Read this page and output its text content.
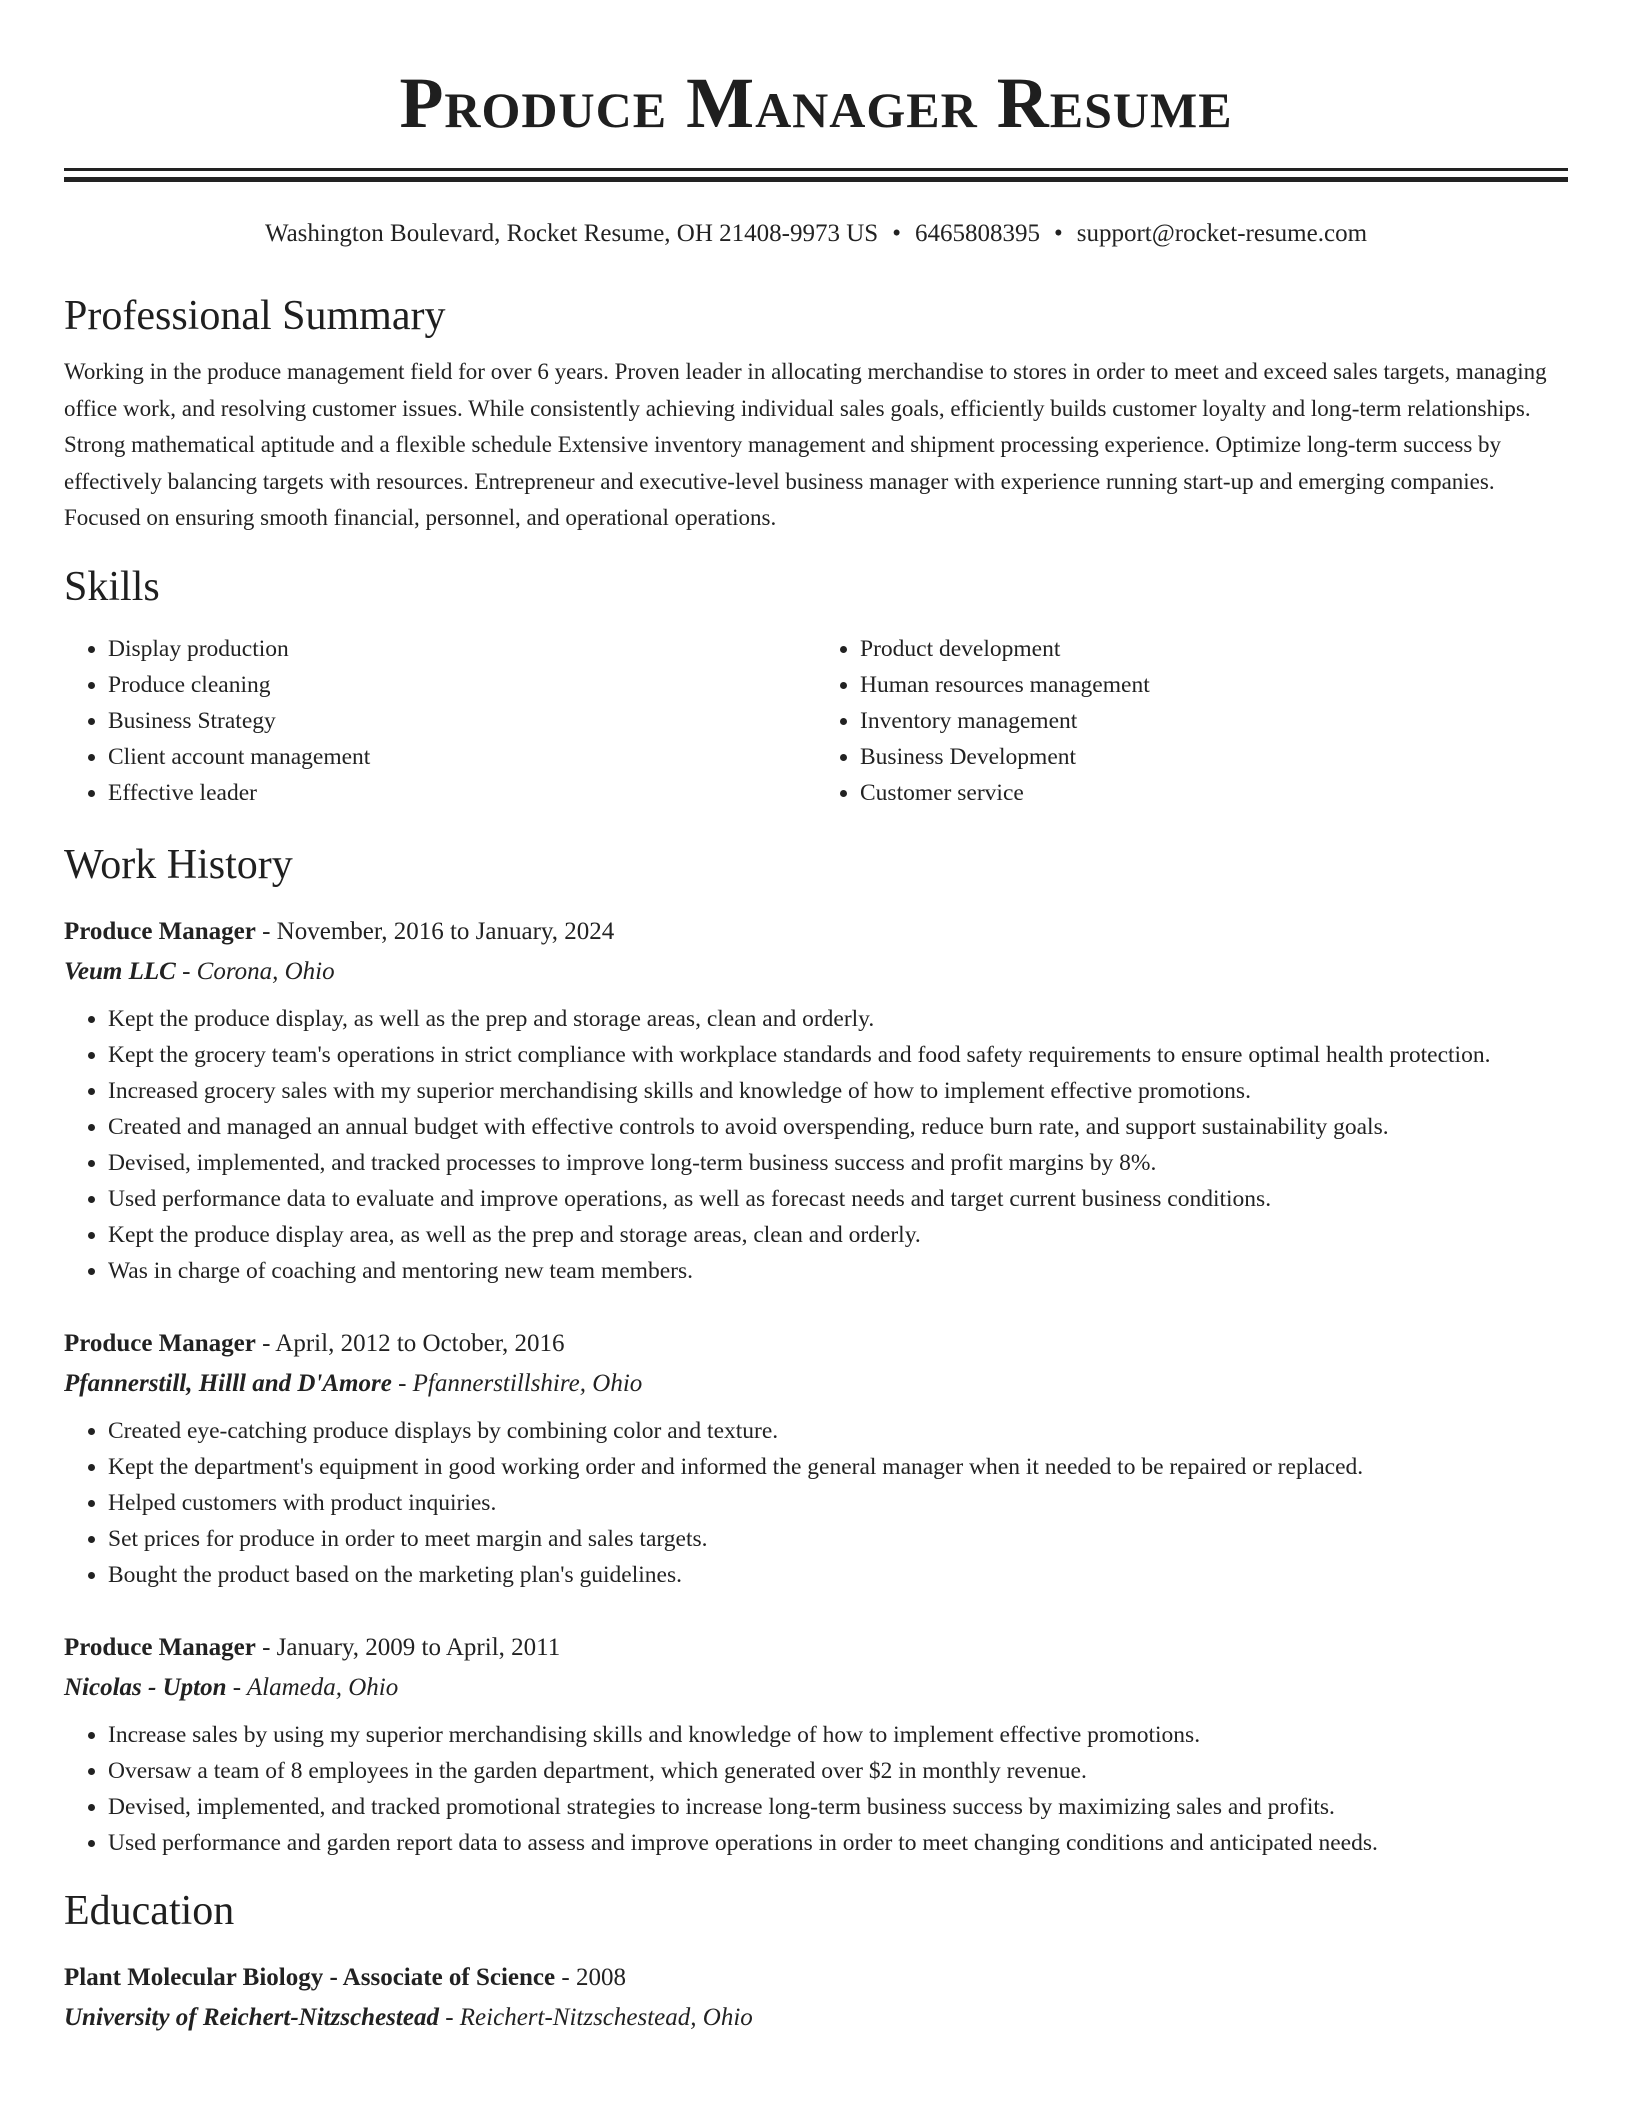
Produce Manager Resume
Washington Boulevard, Rocket Resume, OH 21408-9973 US • 6465808395 • support@rocket-resume.com
Professional Summary

Working in the produce management field for over 6 years. Proven leader in allocating merchandise to stores in order to meet and exceed sales targets, managing office work, and resolving customer issues. While consistently achieving individual sales goals, efficiently builds customer loyalty and long-term relationships. Strong mathematical aptitude and a flexible schedule Extensive inventory management and shipment processing experience. Optimize long-term success by effectively balancing targets with resources. Entrepreneur and executive-level business manager with experience running start-up and emerging companies. Focused on ensuring smooth financial, personnel, and operational operations.

Skills
• Display production
• Produce cleaning
• Business Strategy
• Client account management
• Effective leader
• Product development
• Human resources management
• Inventory management
• Business Development
• Customer service
Work History
Produce Manager - November, 2016 to January, 2024
Veum LLC - Corona, Ohio
• Kept the produce display, as well as the prep and storage areas, clean and orderly.
• Kept the grocery team's operations in strict compliance with workplace standards and food safety requirements to ensure optimal health protection.
• Increased grocery sales with my superior merchandising skills and knowledge of how to implement effective promotions.
• Created and managed an annual budget with effective controls to avoid overspending, reduce burn rate, and support sustainability goals.
• Devised, implemented, and tracked processes to improve long-term business success and profit margins by 8%.
• Used performance data to evaluate and improve operations, as well as forecast needs and target current business conditions.
• Kept the produce display area, as well as the prep and storage areas, clean and orderly.
• Was in charge of coaching and mentoring new team members.
Produce Manager - April, 2012 to October, 2016
Pfannerstill, Hilll and D'Amore - Pfannerstillshire, Ohio
• Created eye-catching produce displays by combining color and texture.
• Kept the department's equipment in good working order and informed the general manager when it needed to be repaired or replaced.
• Helped customers with product inquiries.
• Set prices for produce in order to meet margin and sales targets.
• Bought the product based on the marketing plan's guidelines.
Produce Manager - January, 2009 to April, 2011
Nicolas - Upton - Alameda, Ohio
• Increase sales by using my superior merchandising skills and knowledge of how to implement effective promotions.
• Oversaw a team of 8 employees in the garden department, which generated over $2 in monthly revenue.
• Devised, implemented, and tracked promotional strategies to increase long-term business success by maximizing sales and profits.
• Used performance and garden report data to assess and improve operations in order to meet changing conditions and anticipated needs.
Education
Plant Molecular Biology - Associate of Science - 2008
University of Reichert-Nitzschestead - Reichert-Nitzschestead, Ohio
